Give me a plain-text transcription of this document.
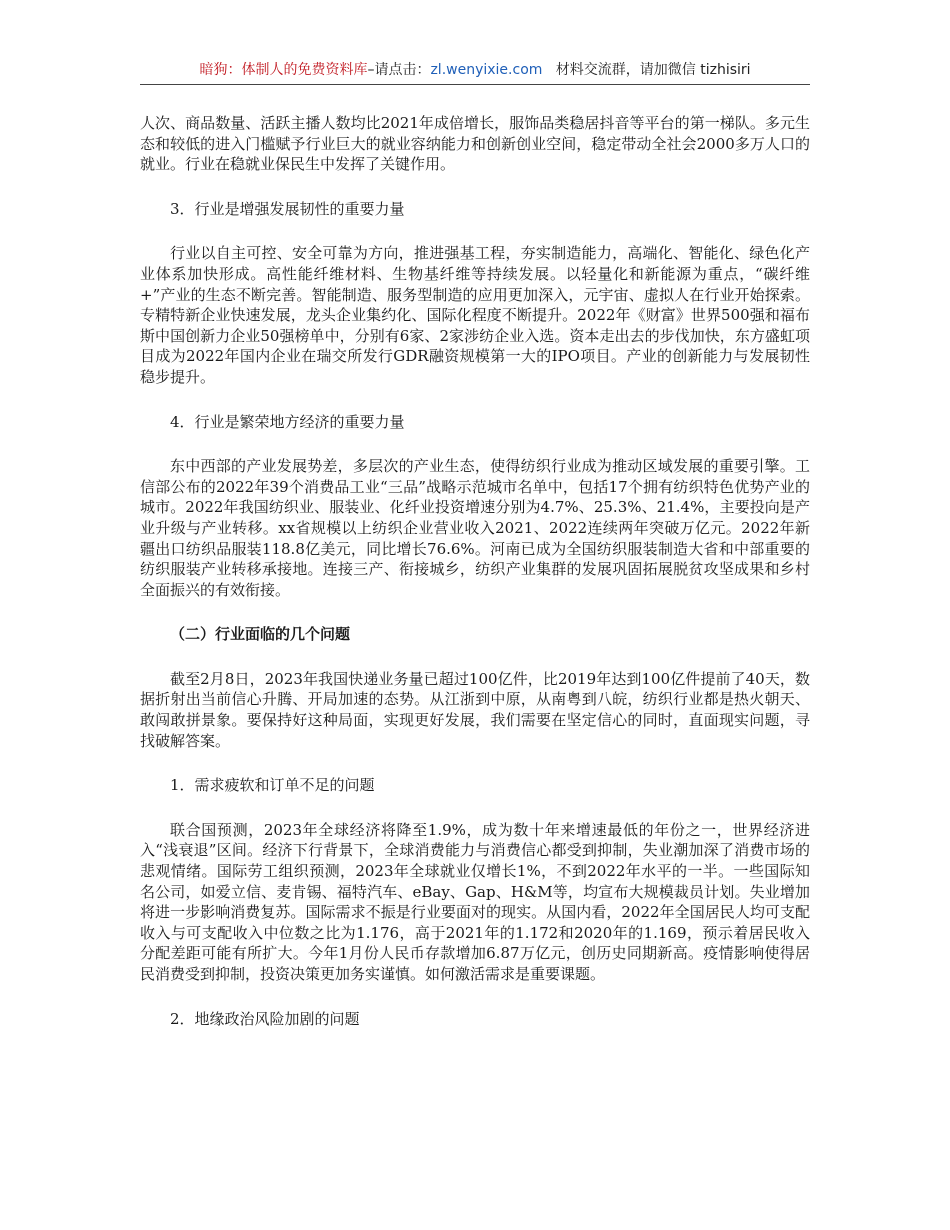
暗狗：体制人的免费资料库–请点击：zl.wenyixie.com 材料交流群，请加微信 tizhisiri

人次、商品数量、活跃主播人数均比2021年成倍增长，服饰品类稳居抖音等平台的第一梯队。多元生态和较低的进入门槛赋予行业巨大的就业容纳能力和创新创业空间，稳定带动全社会2000多万人口的就业。行业在稳就业保民生中发挥了关键作用。

3．行业是增强发展韧性的重要力量

行业以自主可控、安全可靠为方向，推进强基工程，夯实制造能力，高端化、智能化、绿色化产业体系加快形成。高性能纤维材料、生物基纤维等持续发展。以轻量化和新能源为重点，“碳纤维+”产业的生态不断完善。智能制造、服务型制造的应用更加深入，元宇宙、虚拟人在行业开始探索。专精特新企业快速发展，龙头企业集约化、国际化程度不断提升。2022年《财富》世界500强和福布斯中国创新力企业50强榜单中，分别有6家、2家涉纺企业入选。资本走出去的步伐加快，东方盛虹项目成为2022年国内企业在瑞交所发行GDR融资规模第一大的IPO项目。产业的创新能力与发展韧性稳步提升。

4．行业是繁荣地方经济的重要力量

东中西部的产业发展势差，多层次的产业生态，使得纺织行业成为推动区域发展的重要引擎。工信部公布的2022年39个消费品工业“三品”战略示范城市名单中，包括17个拥有纺织特色优势产业的城市。2022年我国纺织业、服装业、化纤业投资增速分别为4.7%、25.3%、21.4%，主要投向是产业升级与产业转移。xx省规模以上纺织企业营业收入2021、2022连续两年突破万亿元。2022年新疆出口纺织品服装118.8亿美元，同比增长76.6%。河南已成为全国纺织服装制造大省和中部重要的纺织服装产业转移承接地。连接三产、衔接城乡，纺织产业集群的发展巩固拓展脱贫攻坚成果和乡村全面振兴的有效衔接。

（二）行业面临的几个问题

截至2月8日，2023年我国快递业务量已超过100亿件，比2019年达到100亿件提前了40天，数据折射出当前信心升腾、开局加速的态势。从江浙到中原，从南粤到八皖，纺织行业都是热火朝天、敢闯敢拼景象。要保持好这种局面，实现更好发展，我们需要在坚定信心的同时，直面现实问题，寻找破解答案。

1．需求疲软和订单不足的问题

联合国预测，2023年全球经济将降至1.9%，成为数十年来增速最低的年份之一，世界经济进入“浅衰退”区间。经济下行背景下，全球消费能力与消费信心都受到抑制，失业潮加深了消费市场的悲观情绪。国际劳工组织预测，2023年全球就业仅增长1%，不到2022年水平的一半。一些国际知名公司，如爱立信、麦肯锡、福特汽车、eBay、Gap、H&M等，均宣布大规模裁员计划。失业增加将进一步影响消费复苏。国际需求不振是行业要面对的现实。从国内看，2022年全国居民人均可支配收入与可支配收入中位数之比为1.176，高于2021年的1.172和2020年的1.169，预示着居民收入分配差距可能有所扩大。今年1月份人民币存款增加6.87万亿元，创历史同期新高。疫情影响使得居民消费受到抑制，投资决策更加务实谨慎。如何激活需求是重要课题。

2．地缘政治风险加剧的问题
